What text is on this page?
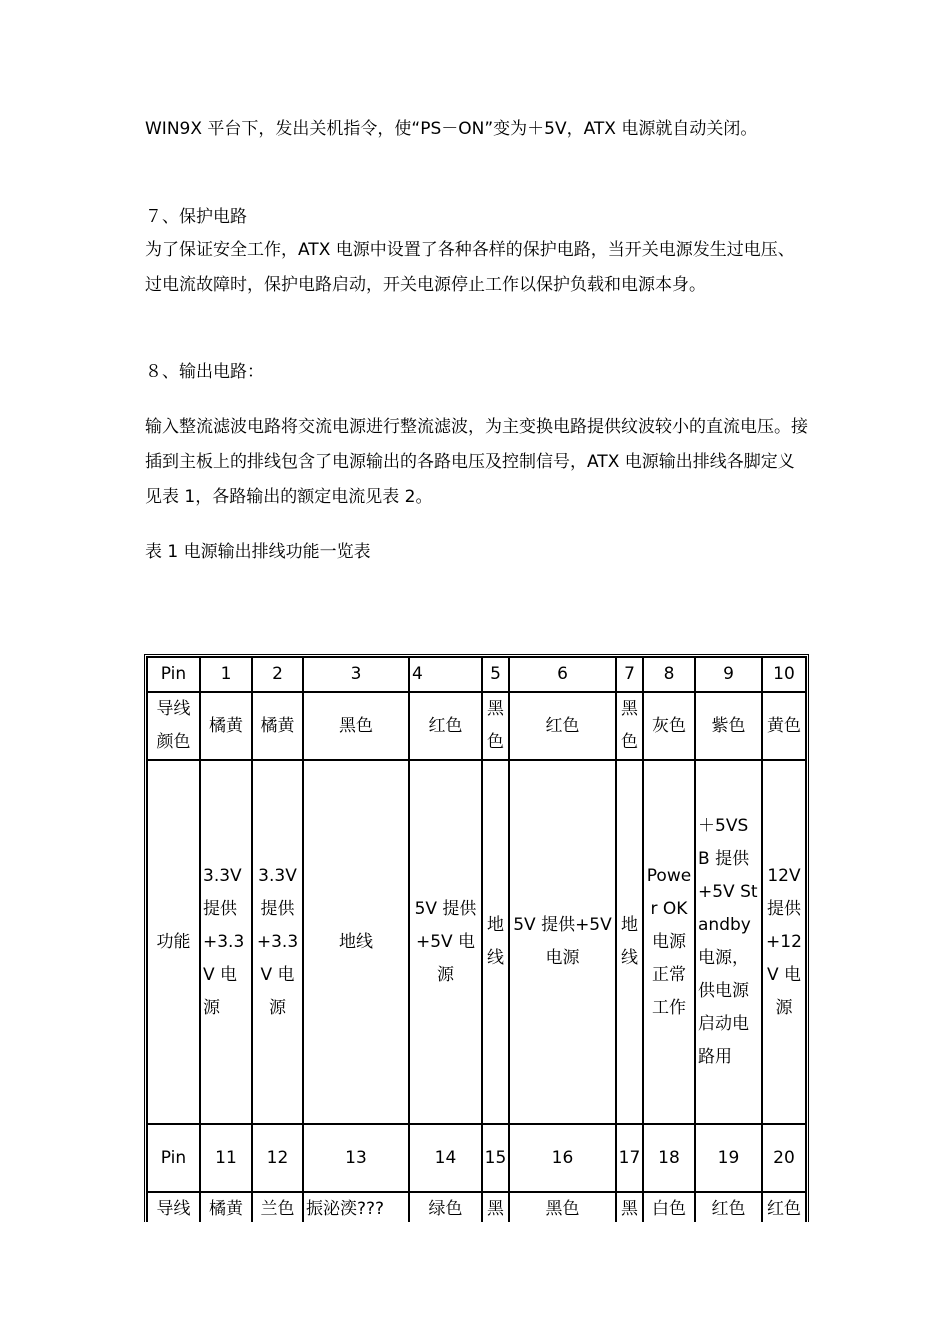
WIN9X 平台下，发出关机指令，使“PS－ON”变为＋5V，ATX 电源就自动关闭。

７、保护电路

为了保证安全工作，ATX 电源中设置了各种各样的保护电路，当开关电源发生过电压、过电流故障时，保护电路启动，开关电源停止工作以保护负载和电源本身。

８、输出电路：

输入整流滤波电路将交流电源进行整流滤波，为主变换电路提供纹波较小的直流电压。接插到主板上的排线包含了电源输出的各路电压及控制信号，ATX 电源输出排线各脚定义见表 1，各路输出的额定电流见表 2。

表 1 电源输出排线功能一览表

Pin	1	2	3	4	5	6	7	8	9	10
导线颜色	橘黄	橘黄	黑色	红色	黑色	红色	黑色	灰色	紫色	黄色
功能	3.3V 提供+3.3V 电源	3.3V 提供+3.3V 电源	地线	5V 提供+5V 电源	地线	5V 提供+5V 电源	地线	Power OK 电源正常工作	＋5VSB 提供+5V Standby 电源，供电源启动电路用	12V 提供+12V 电源
Pin	11	12	13	14	15	16	17	18	19	20
导线	橘黄	兰色	振泌湙???	绿色	黑	黑色	黑	白色	红色	红色
